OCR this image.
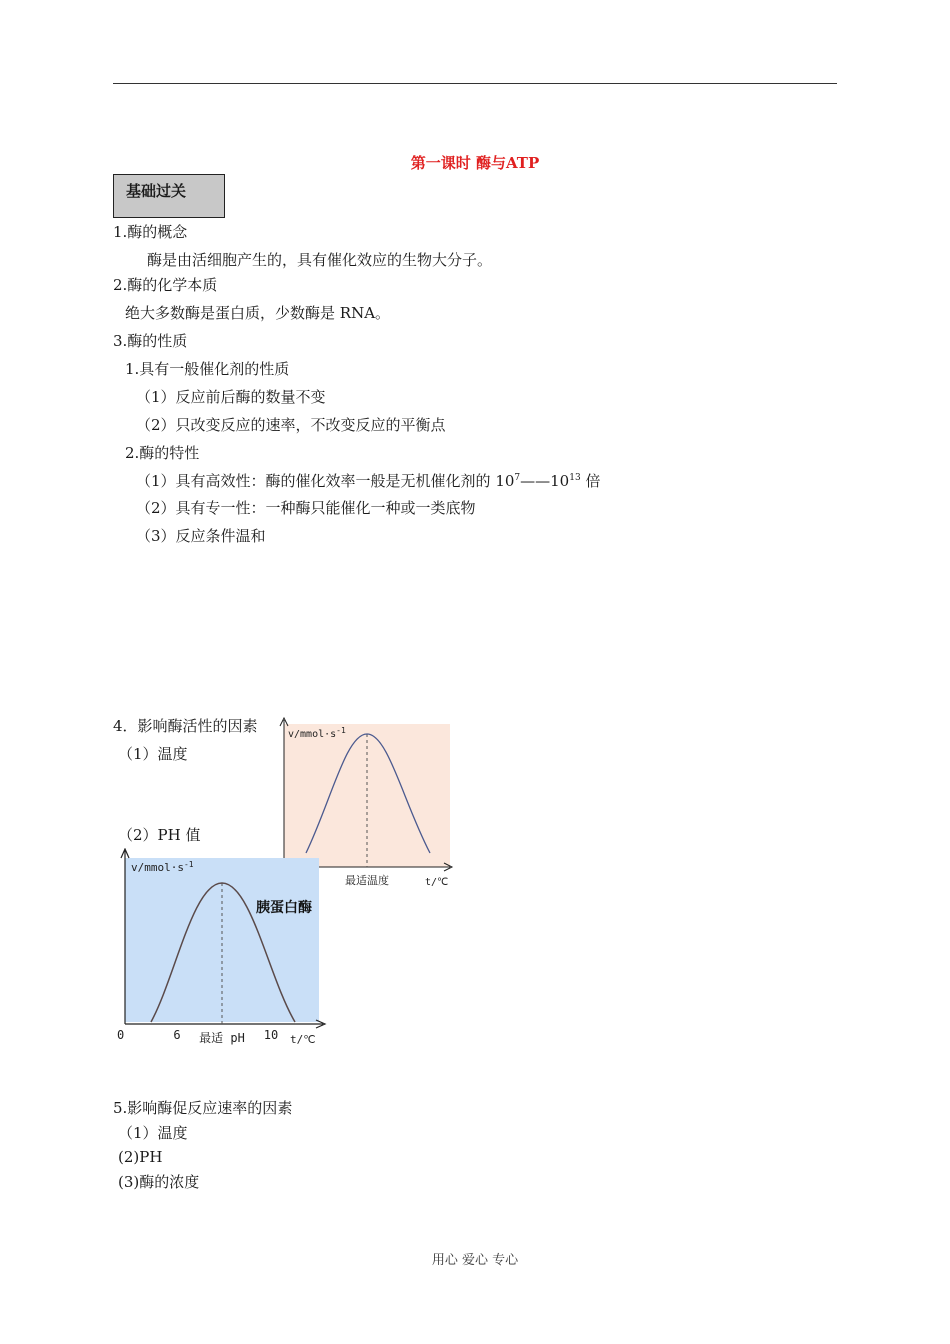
第一课时 酶与ATP
基础过关
1.酶的概念
酶是由活细胞产生的，具有催化效应的生物大分子。
2.酶的化学本质
绝大多数酶是蛋白质，少数酶是 RNA。
3.酶的性质
1.具有一般催化剂的性质
（1）反应前后酶的数量不变
（2）只改变反应的速率，不改变反应的平衡点
2.酶的特性
（1）具有高效性：酶的催化效率一般是无机催化剂的 $10^7——10^{13}$ 倍
（2）具有专一性：一种酶只能催化一种或一类底物
（3）反应条件温和
4．影响酶活性的因素
（1）温度
（2）PH 值
$v/mmol\cdot s^{-1}$
最适温度	t/℃
$v/mmol\cdot s^{-1}$
胰蛋白酶
0	6 最适 pH 10 t/℃
5.影响酶促反应速率的因素
（1）温度
(2)PH
(3)酶的浓度
用心 爱心 专心
